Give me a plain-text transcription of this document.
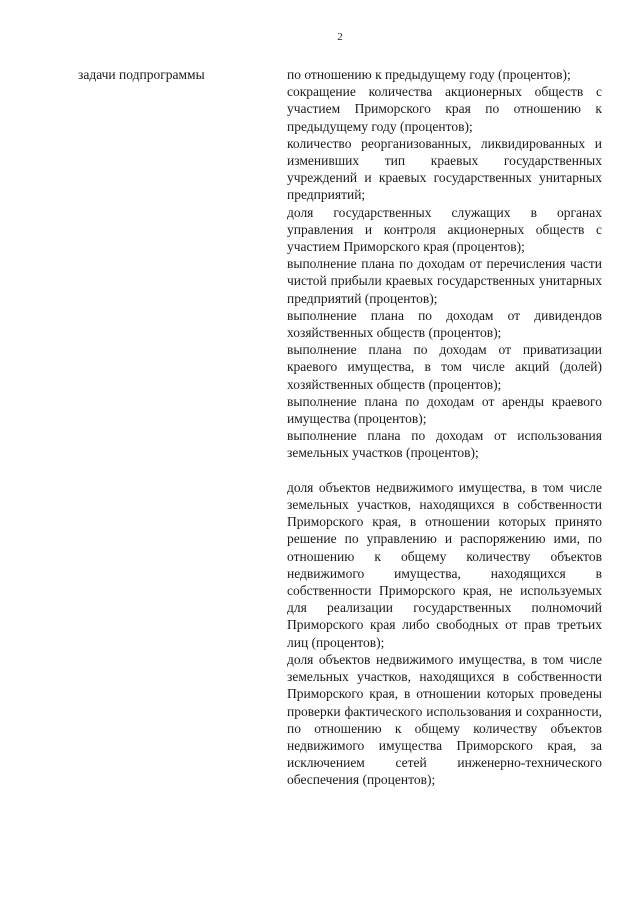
2
задачи подпрограммы	по отношению к предыдущему году (процентов);

сокращение количества акционерных обществ с участием Приморского края по отношению к предыдущему году (процентов);

количество реорганизованных, ликвидированных и изменивших тип краевых государственных учреждений и краевых государственных унитарных предприятий;

доля государственных служащих в органах управления и контроля акционерных обществ с участием Приморского края (процентов);

выполнение плана по доходам от перечисления части чистой прибыли краевых государственных унитарных предприятий (процентов);

выполнение плана по доходам от дивидендов хозяйственных обществ (процентов);

выполнение плана по доходам от приватизации краевого имущества, в том числе акций (долей) хозяйственных обществ (процентов);

выполнение плана по доходам от аренды краевого имущества (процентов);

выполнение плана по доходам от использования земельных участков (процентов);

доля объектов недвижимого имущества, в том числе земельных участков, находящихся в собственности Приморского края, в отношении которых принято решение по управлению и распоряжению ими, по отношению к общему количеству объектов недвижимого имущества, находящихся в собственности Приморского края, не используемых для реализации государственных полномочий Приморского края либо свободных от прав третьих лиц (процентов);

доля объектов недвижимого имущества, в том числе земельных участков, находящихся в собственности Приморского края, в отношении которых проведены проверки фактического использования и сохранности, по отношению к общему количеству объектов недвижимого имущества Приморского края, за исключением сетей инженерно-технического обеспечения (процентов);
